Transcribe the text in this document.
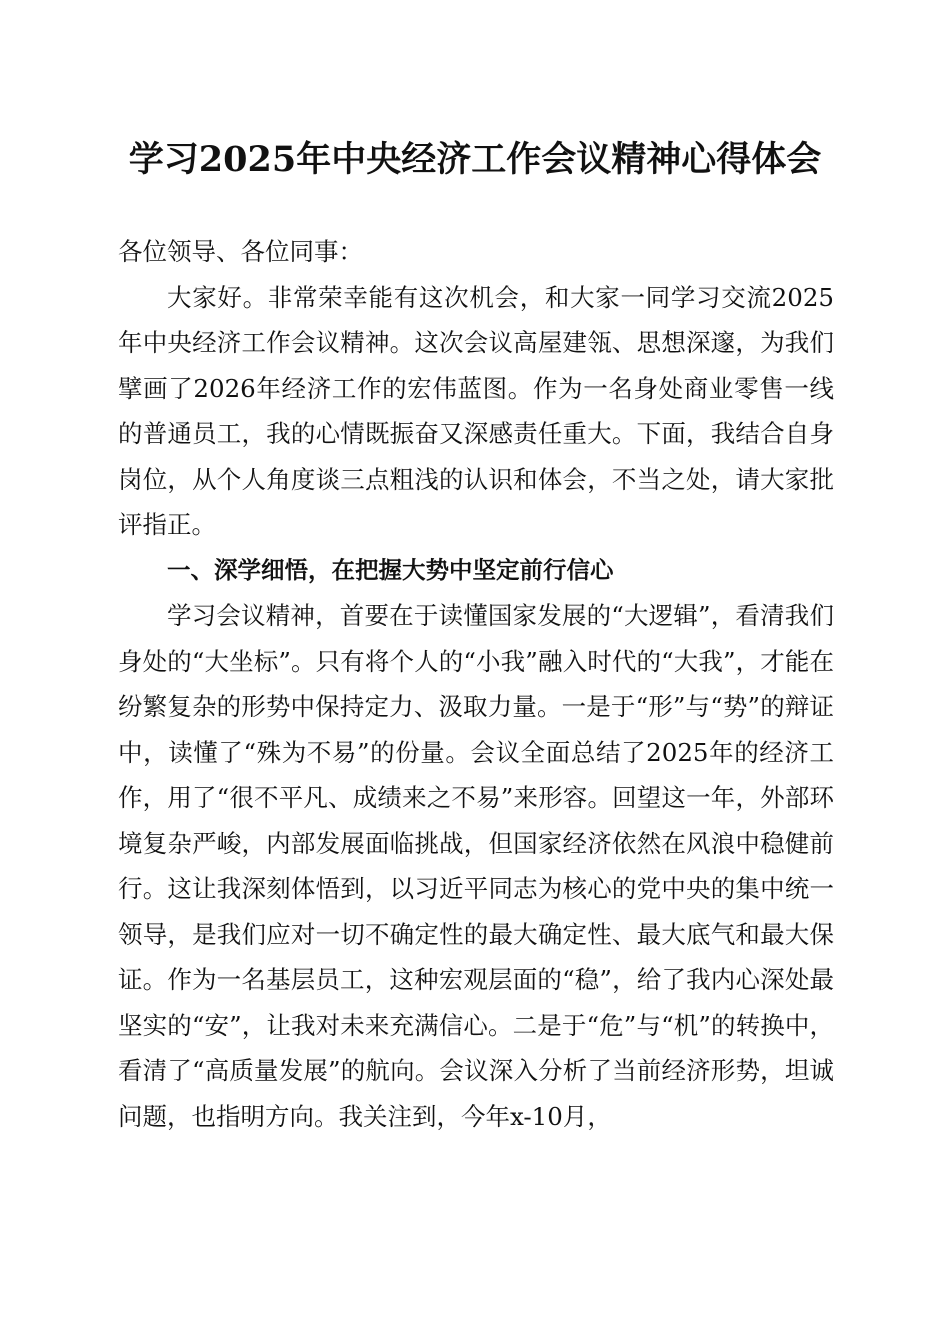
学习2025年中央经济工作会议精神心得体会

各位领导、各位同事：

大家好。非常荣幸能有这次机会，和大家一同学习交流2025年中央经济工作会议精神。这次会议高屋建瓴、思想深邃，为我们擘画了2026年经济工作的宏伟蓝图。作为一名身处商业零售一线的普通员工，我的心情既振奋又深感责任重大。下面，我结合自身岗位，从个人角度谈三点粗浅的认识和体会，不当之处，请大家批评指正。

一、深学细悟，在把握大势中坚定前行信心

学习会议精神，首要在于读懂国家发展的“大逻辑”，看清我们身处的“大坐标”。只有将个人的“小我”融入时代的“大我”，才能在纷繁复杂的形势中保持定力、汲取力量。一是于“形”与“势”的辩证中，读懂了“殊为不易”的份量。会议全面总结了2025年的经济工作，用了“很不平凡、成绩来之不易”来形容。回望这一年，外部环境复杂严峻，内部发展面临挑战，但国家经济依然在风浪中稳健前行。这让我深刻体悟到，以习近平同志为核心的党中央的集中统一领导，是我们应对一切不确定性的最大确定性、最大底气和最大保证。作为一名基层员工，这种宏观层面的“稳”，给了我内心深处最坚实的“安”，让我对未来充满信心。二是于“危”与“机”的转换中，看清了“高质量发展”的航向。会议深入分析了当前经济形势，坦诚问题，也指明方向。我关注到，今年x-10月，
